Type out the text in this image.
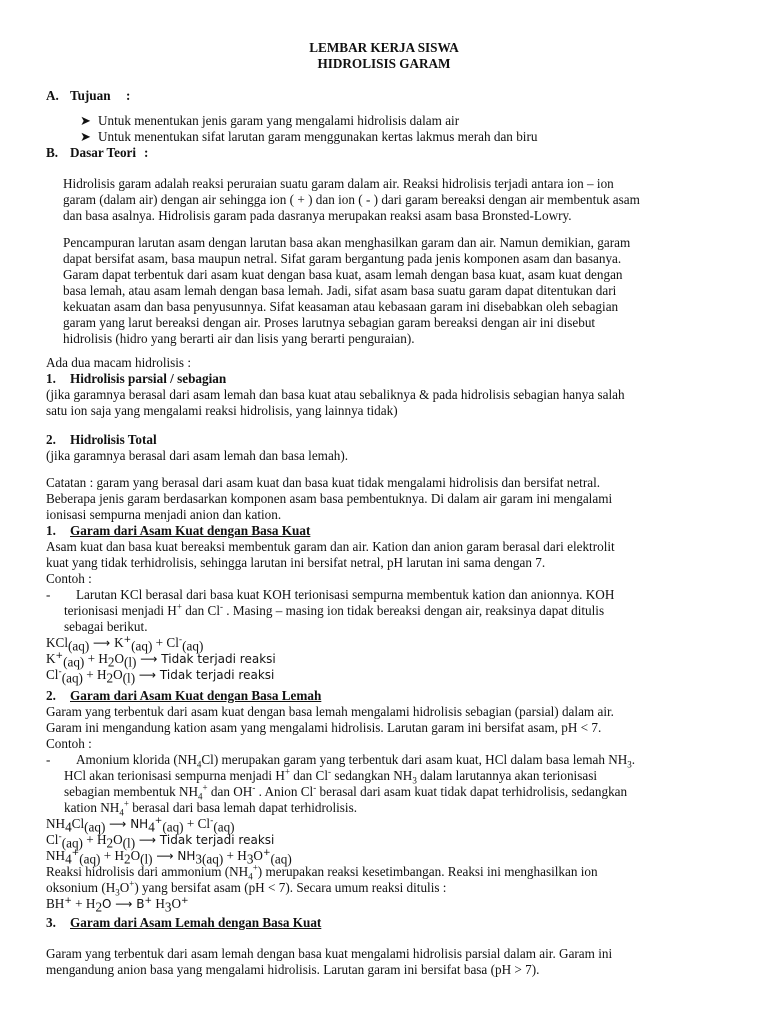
LEMBAR KERJA SISWA
HIDROLISIS GARAM
A. Tujuan	:
➤ Untuk menentukan jenis garam yang mengalami hidrolisis dalam air
➤ Untuk menentukan sifat larutan garam menggunakan kertas lakmus merah dan biru
B. Dasar Teori :
Hidrolisis garam adalah reaksi peruraian suatu garam dalam air. Reaksi hidrolisis terjadi antara ion – ion
garam (dalam air) dengan air sehingga ion ( + ) dan ion ( - ) dari garam bereaksi dengan air membentuk asam
dan basa asalnya. Hidrolisis garam pada dasranya merupakan reaksi asam basa Bronsted-Lowry.
Pencampuran larutan asam dengan larutan basa akan menghasilkan garam dan air. Namun demikian, garam
dapat bersifat asam, basa maupun netral. Sifat garam bergantung pada jenis komponen asam dan basanya.
Garam dapat terbentuk dari asam kuat dengan basa kuat, asam lemah dengan basa kuat, asam kuat dengan
basa lemah, atau asam lemah dengan basa lemah. Jadi, sifat asam basa suatu garam dapat ditentukan dari
kekuatan asam dan basa penyusunnya. Sifat keasaman atau kebasaan garam ini disebabkan oleh sebagian
garam yang larut bereaksi dengan air. Proses larutnya sebagian garam bereaksi dengan air ini disebut
hidrolisis (hidro yang berarti air dan lisis yang berarti penguraian).
Ada dua macam hidrolisis :
1. Hidrolisis parsial / sebagian
(jika garamnya berasal dari asam lemah dan basa kuat atau sebaliknya & pada hidrolisis sebagian hanya salah
satu ion saja yang mengalami reaksi hidrolisis, yang lainnya tidak)
2. Hidrolisis Total
(jika garamnya berasal dari asam lemah dan basa lemah).
Catatan : garam yang berasal dari asam kuat dan basa kuat tidak mengalami hidrolisis dan bersifat netral.
Beberapa jenis garam berdasarkan komponen asam basa pembentuknya. Di dalam air garam ini mengalami
ionisasi sempurna menjadi anion dan kation.
1. Garam dari Asam Kuat dengan Basa Kuat
Asam kuat dan basa kuat bereaksi membentuk garam dan air. Kation dan anion garam berasal dari elektrolit
kuat yang tidak terhidrolisis, sehingga larutan ini bersifat netral, pH larutan ini sama dengan 7.
Contoh :
-	Larutan KCl berasal dari basa kuat KOH terionisasi sempurna membentuk kation dan anionnya. KOH
terionisasi menjadi H+ dan Cl- . Masing – masing ion tidak bereaksi dengan air, reaksinya dapat ditulis
sebagai berikut.
KCl$_{(aq)}$ ⟶ $K^+_{(aq)} + Cl^-_{(aq)}$
$K^+_{(aq)} + H_2O_{(l)}$ ⟶ Tidak terjadi reaksi
$Cl^-_{(aq)} + H_2O_{(l)}$ ⟶ Tidak terjadi reaksi
2. Garam dari Asam Kuat dengan Basa Lemah
Garam yang terbentuk dari asam kuat dengan basa lemah mengalami hidrolisis sebagian (parsial) dalam air.
Garam ini mengandung kation asam yang mengalami hidrolisis. Larutan garam ini bersifat asam, pH < 7.
Contoh :
-	Amonium klorida $(NH_4Cl)$ merupakan garam yang terbentuk dari asam kuat, HCl dalam basa lemah $NH_3$.
HCl akan terionisasi sempurna menjadi H+ dan Cl- sedangkan $NH_3$ dalam larutannya akan terionisasi
sebagian membentuk $NH_4^+$ dan OH- . Anion Cl- berasal dari asam kuat tidak dapat terhidrolisis, sedangkan
kation $NH_4^+$ berasal dari basa lemah dapat terhidrolisis.
$NH_4Cl_{(aq)}$ ⟶ $NH_4^+_{(aq)} + Cl^-_{(aq)}$
$Cl^-_{(aq)} + H_2O_{(l)}$ ⟶ Tidak terjadi reaksi
$NH_4^+_{(aq)} + H_2O_{(l)}$ ⟶ $NH_{3(aq)} + H_3O^+_{(aq)}$
Reaksi hidrolisis dari ammonium $(NH_4^+)$ merupakan reaksi kesetimbangan. Reaksi ini menghasilkan ion
oksonium $(H_3O^+)$ yang bersifat asam (pH < 7). Secara umum reaksi ditulis :
$BH^+ + H_2O$ ⟶ B+ $H_3O^+$
3. Garam dari Asam Lemah dengan Basa Kuat
Garam yang terbentuk dari asam lemah dengan basa kuat mengalami hidrolisis parsial dalam air. Garam ini
mengandung anion basa yang mengalami hidrolisis. Larutan garam ini bersifat basa (pH > 7).
